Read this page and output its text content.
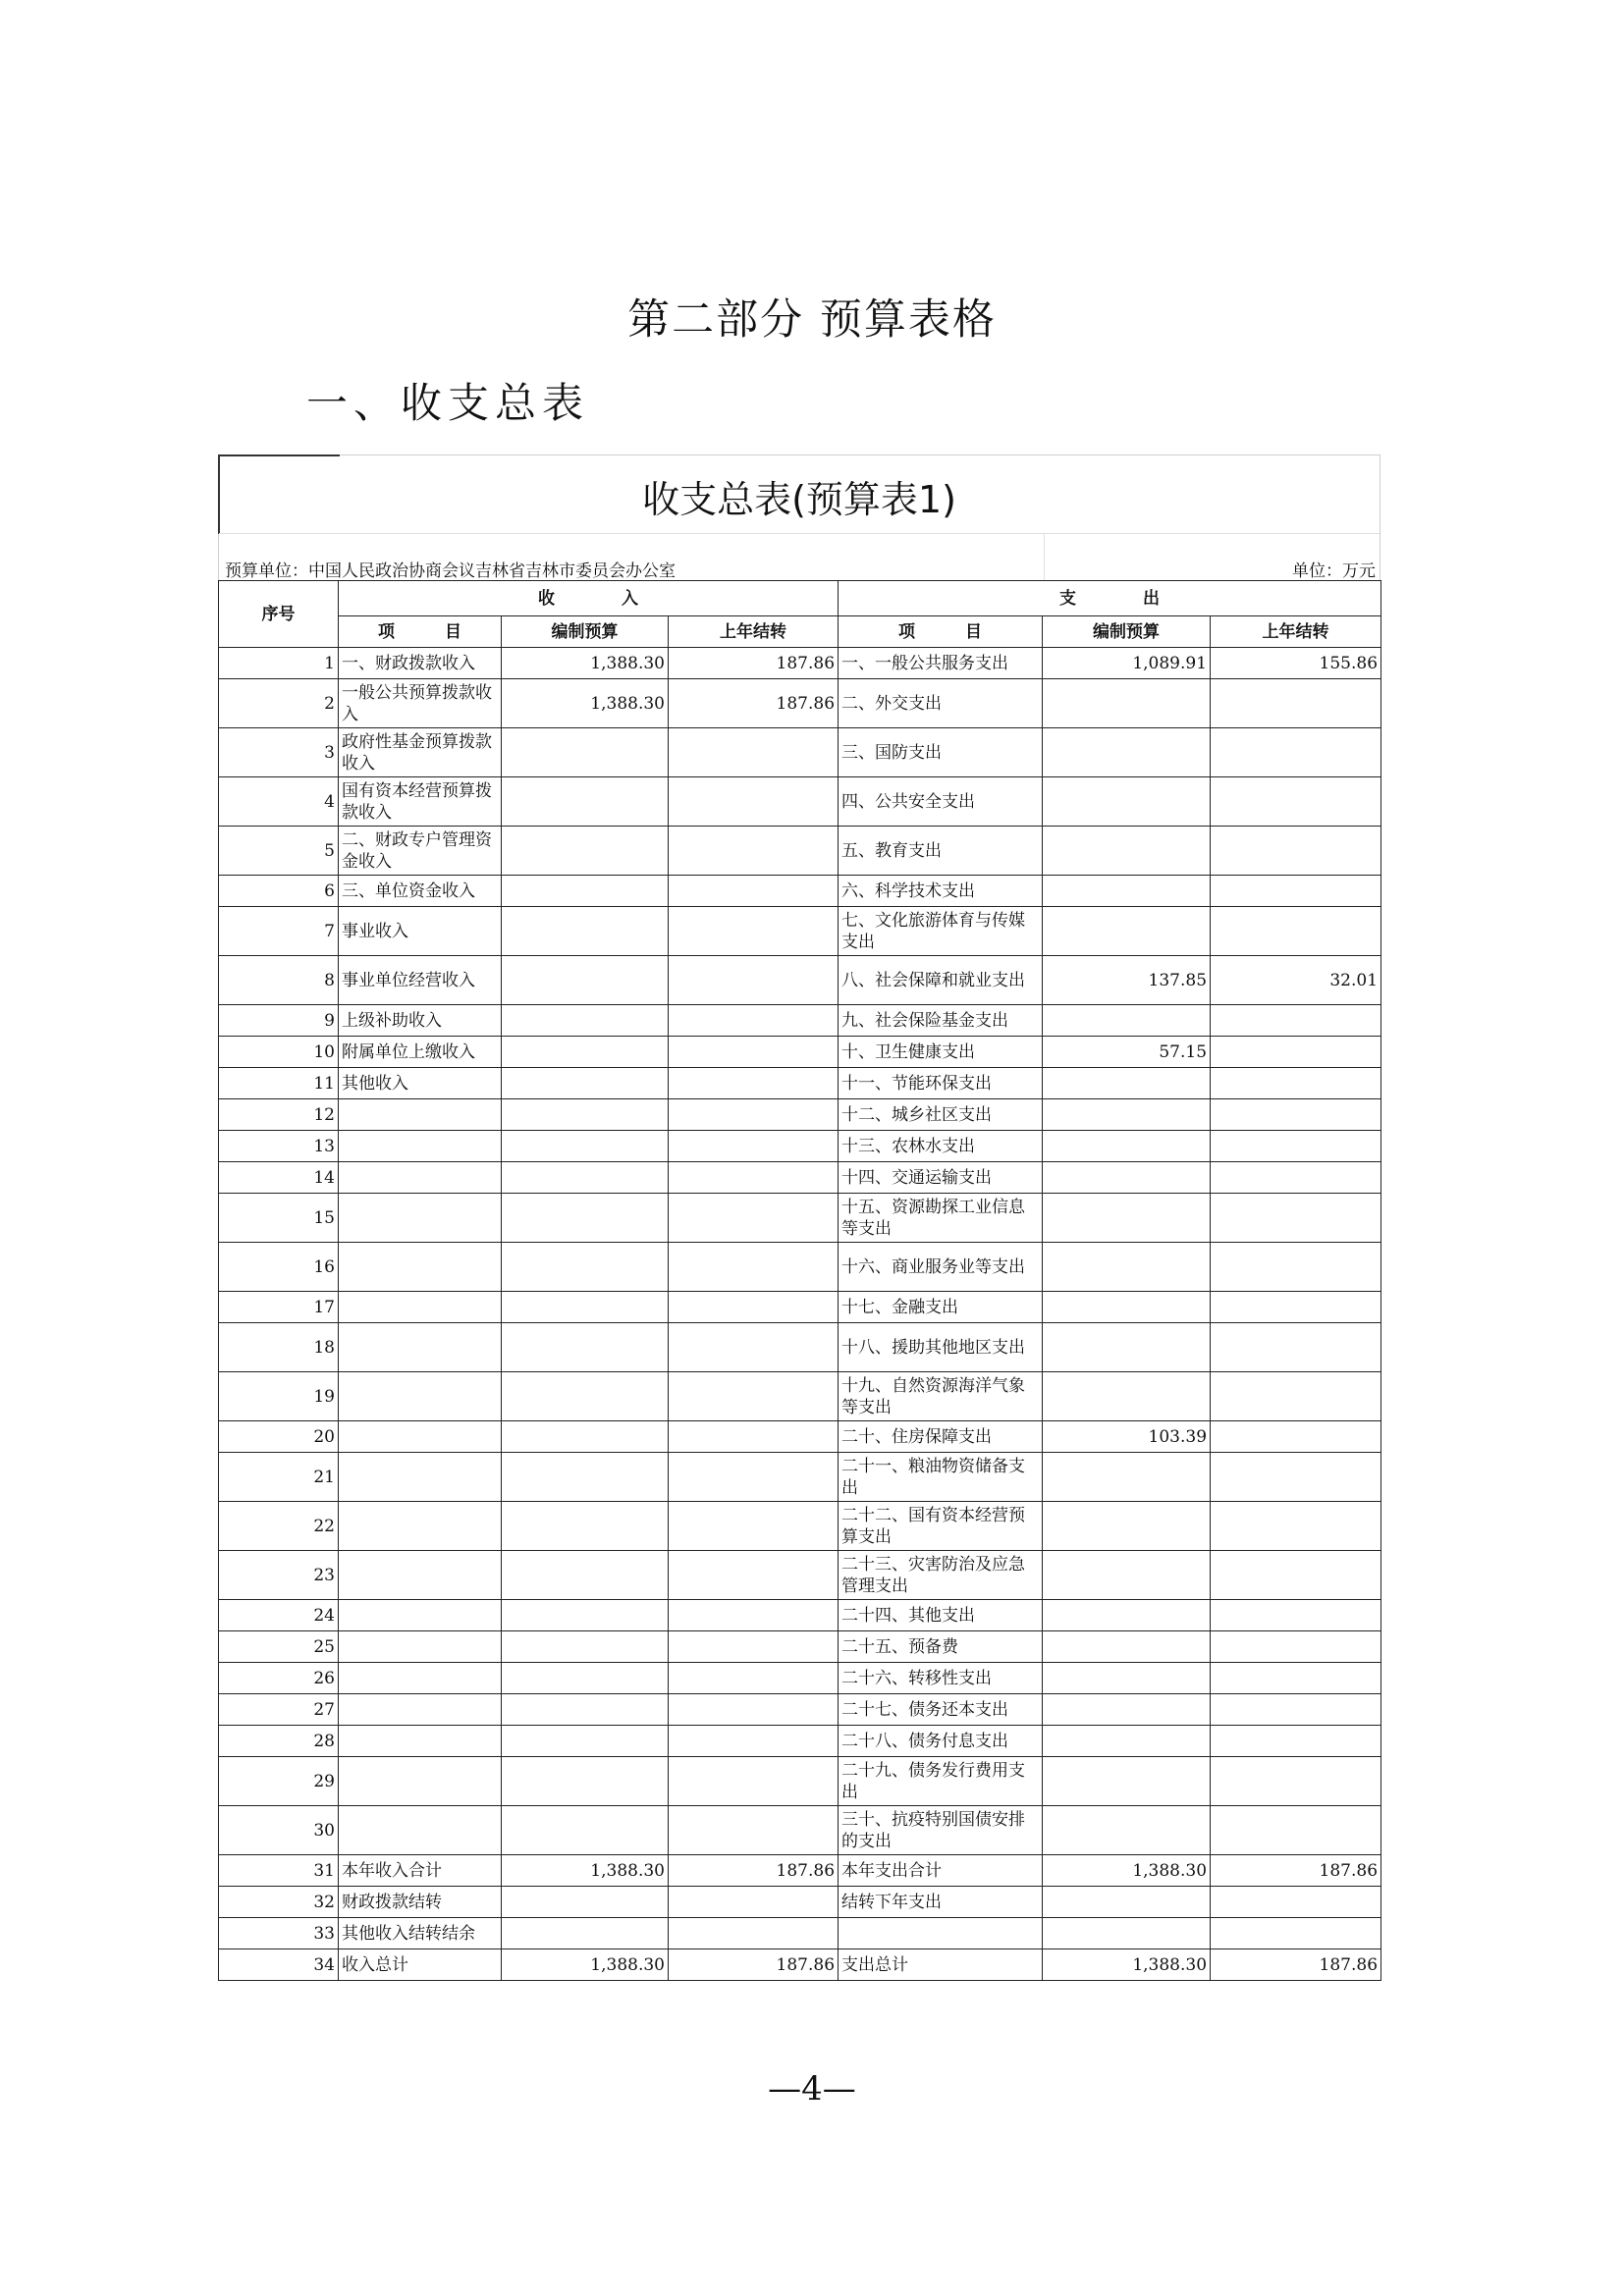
第二部分 预算表格
一、收支总表
收支总表(预算表1)
预算单位：中国人民政治协商会议吉林省吉林市委员会办公室	单位：万元
序号	收　　　　入			支　　　　出		
	项　　　目	编制预算	上年结转	项　　　目	编制预算	上年结转
1	一、财政拨款收入	1,388.30	187.86	一、一般公共服务支出	1,089.91	155.86
2	一般公共预算拨款收入	1,388.30	187.86	二、外交支出		
3	政府性基金预算拨款收入			三、国防支出		
4	国有资本经营预算拨款收入			四、公共安全支出		
5	二、财政专户管理资金收入			五、教育支出		
6	三、单位资金收入			六、科学技术支出		
7	事业收入			七、文化旅游体育与传媒支出		
8	事业单位经营收入			八、社会保障和就业支出	137.85	32.01
9	上级补助收入			九、社会保险基金支出		
10	附属单位上缴收入			十、卫生健康支出	57.15	
11	其他收入			十一、节能环保支出		
12				十二、城乡社区支出		
13				十三、农林水支出		
14				十四、交通运输支出		
15				十五、资源勘探工业信息等支出		
16				十六、商业服务业等支出		
17				十七、金融支出		
18				十八、援助其他地区支出		
19				十九、自然资源海洋气象等支出		
20				二十、住房保障支出	103.39	
21				二十一、粮油物资储备支出		
22				二十二、国有资本经营预算支出		
23				二十三、灾害防治及应急管理支出		
24				二十四、其他支出		
25				二十五、预备费		
26				二十六、转移性支出		
27				二十七、债务还本支出		
28				二十八、债务付息支出		
29				二十九、债务发行费用支出		
30				三十、抗疫特别国债安排的支出		
31	本年收入合计	1,388.30	187.86	本年支出合计	1,388.30	187.86
32	财政拨款结转			结转下年支出		
33	其他收入结转结余					
34	收入总计	1,388.30	187.86	支出总计	1,388.30	187.86
—4—
